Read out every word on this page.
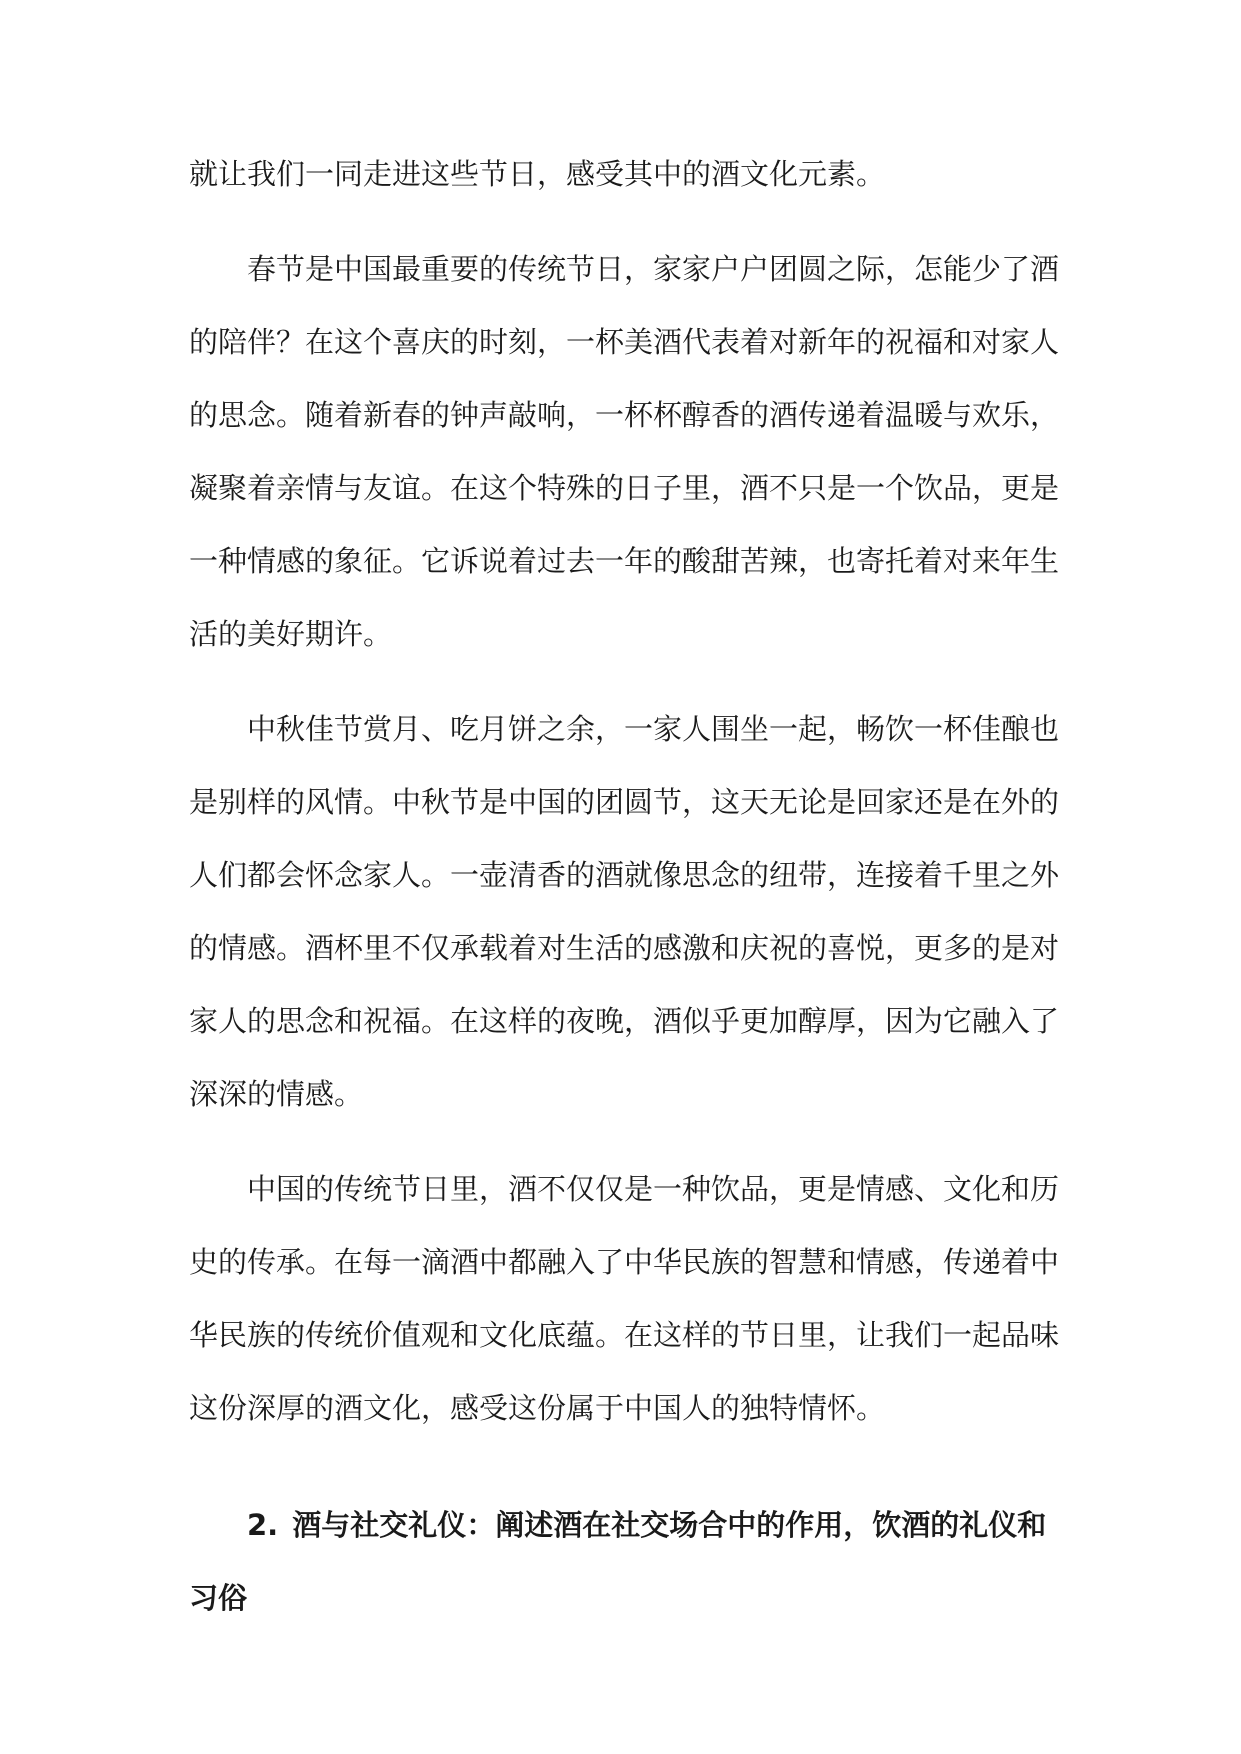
就让我们一同走进这些节日，感受其中的酒文化元素。

春节是中国最重要的传统节日，家家户户团圆之际，怎能少了酒的陪伴？在这个喜庆的时刻，一杯美酒代表着对新年的祝福和对家人的思念。随着新春的钟声敲响，一杯杯醇香的酒传递着温暖与欢乐，凝聚着亲情与友谊。在这个特殊的日子里，酒不只是一个饮品，更是一种情感的象征。它诉说着过去一年的酸甜苦辣，也寄托着对来年生活的美好期许。

中秋佳节赏月、吃月饼之余，一家人围坐一起，畅饮一杯佳酿也是别样的风情。中秋节是中国的团圆节，这天无论是回家还是在外的人们都会怀念家人。一壶清香的酒就像思念的纽带，连接着千里之外的情感。酒杯里不仅承载着对生活的感激和庆祝的喜悦，更多的是对家人的思念和祝福。在这样的夜晚，酒似乎更加醇厚，因为它融入了深深的情感。

中国的传统节日里，酒不仅仅是一种饮品，更是情感、文化和历史的传承。在每一滴酒中都融入了中华民族的智慧和情感，传递着中华民族的传统价值观和文化底蕴。在这样的节日里，让我们一起品味这份深厚的酒文化，感受这份属于中国人的独特情怀。

2. 酒与社交礼仪：阐述酒在社交场合中的作用，饮酒的礼仪和习俗
